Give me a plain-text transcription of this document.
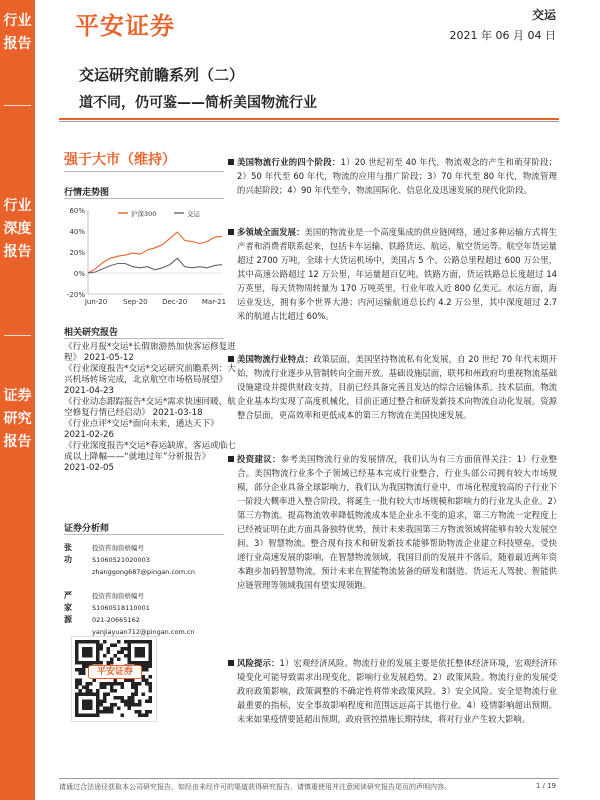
行业报告
行业深度报告
证券研究报告
平安证券	交运
2021 年 06 月 04 日
交运研究前瞻系列（二）
道不同，仍可鉴——简析美国物流行业
强于大市（维持）
行情走势图
-20%
0%
20%
40%
60%
Jun-20 Sep-20 Dec-20 Mar-21
沪深300	交运
相关研究报告

《行业月报*交运*长假旅游热加快客运修复进程》 2021-05-12

《行业深度报告*交运*交运研究前瞻系列：大兴机场转场完成，北京航空市场格局展望》 2021-04-23

《行业动态跟踪报告*交运*需求快速回暖，航空修复行情已经启动》 2021-03-18

《行业点评*交运*面向未来，通达天下》 2021-02-26

《行业深度报告*交运*春运缺席，客运或临七成以上降幅——“就地过年”分析报告》 2021-02-05

证券分析师
张功
投资咨询资格编号
S1060521020003
zhanggong687@pingan.com.cn
严家源
投资咨询资格编号
S1060518110001
021-20665162
yanjiayuan712@pingan.com.cn
平安证券

美国物流行业的四个阶段：1）20 世纪初至 40 年代，物流观念的产生和萌芽阶段；2）50 年代至 60 年代，物流的应用与推广阶段；3）70 年代至 80 年代，物流管理的兴起阶段；4）90 年代至今，物流国际化、信息化及迅速发展的现代化阶段。

多领域全面发展：美国的物流业是一个高度集成的供应链网络，通过多种运输方式将生产者和消费者联系起来，包括卡车运输、铁路货运、航运、航空货运等。航空年货运量超过 2700 万吨，全球十大货运机场中，美国占 5 个。公路总里程超过 600 万公里，其中高速公路超过 12 万公里，年运量超百亿吨。铁路方面，货运铁路总长度超过 14 万英里，每天货物周转量为 170 万吨英里，行业年收入近 800 亿美元。水运方面，海运业发达，拥有多个世界大港；内河运输航道总长约 4.2 万公里，其中深度超过 2.7 米的航道占比超过 60%。

美国物流行业特点：政策层面，美国坚持物流私有化发展，自 20 世纪 70 年代末期开始，物流行业逐步从管制转向全面开放。基础设施层面，联邦和州政府均重视物流基础设施建设并提供财政支持，目前已经具备完善且发达的综合运输体系。技术层面，物流企业基本均实现了高度机械化，目前正通过整合和研发新技术向物流自动化发展。资源整合层面，更高效率和更低成本的第三方物流在美国快速发展。

投资建议：参考美国物流行业的发展情况，我们认为有三方面值得关注：1）行业整合。美国物流行业多个子领域已经基本完成行业整合，行业头部公司拥有较大市场规模，部分企业具备全球影响力，我们认为我国物流行业中，市场化程度较高的子行业下一阶段大概率进入整合阶段，将诞生一批有较大市场规模和影响力的行业龙头企业。2）第三方物流。提高物流效率降低物流成本是企业永不变的追求，第三方物流一定程度上已经被证明在此方面具备独特优势，预计未来我国第三方物流领域将能够有较大发展空间。3）智慧物流。整合现有技术和研发新技术能够帮助物流企业建立科技壁垒，受快递行业高速发展的影响，在智慧物流领域，我国目前的发展并不落后，随着最近两年资本跑步加码智慧物流，预计未来在智能物流装备的研发和制造、货运无人驾驶、智能供应链管理等领域我国有望实现领跑。

风险提示：1）宏观经济风险。物流行业的发展主要是依托整体经济环境，宏观经济环境变化可能导致需求出现变化，影响行业发展趋势。2）政策风险。物流行业的发展受政府政策影响，政策调整的不确定性将带来政策风险。3）安全风险。安全是物流行业最重要的指标，安全事故影响程度和范围远远高于其他行业。4）疫情影响超出预期。未来如果疫情要延超出预期，政府管控措施长期持续，将对行业产生较大影响。

请通过合法途径获取本公司研究报告，如经由未经许可的渠道获得研究报告，请慎重使用并注意阅读研究报告尾页的声明内容。	1 / 19
